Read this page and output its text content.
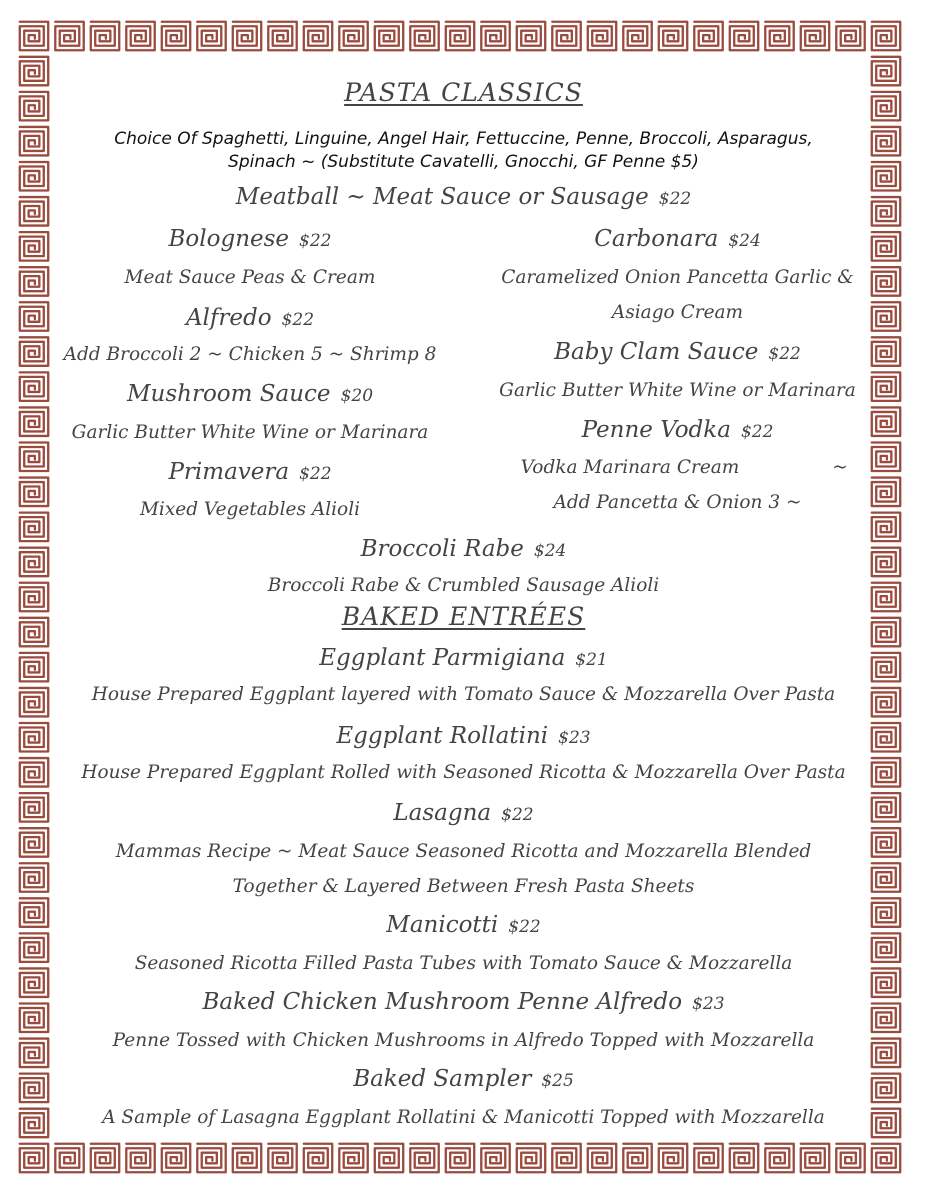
PASTA CLASSICS
Choice Of Spaghetti, Linguine, Angel Hair, Fettuccine, Penne, Broccoli, Asparagus,
Spinach ~ (Substitute Cavatelli, Gnocchi, GF Penne $5)
Meatball ~ Meat Sauce or Sausage $22
Bolognese $22
Meat Sauce Peas & Cream
Alfredo $22
Add Broccoli 2 ~ Chicken 5 ~ Shrimp 8
Mushroom Sauce $20
Garlic Butter White Wine or Marinara
Primavera $22
Mixed Vegetables Alioli
Carbonara $24
Caramelized Onion Pancetta Garlic &
Asiago Cream
Baby Clam Sauce $22
Garlic Butter White Wine or Marinara
Penne Vodka $22
Vodka Marinara Cream	~
Add Pancetta & Onion 3 ~
Broccoli Rabe $24
Broccoli Rabe & Crumbled Sausage Alioli
BAKED ENTRÉES
Eggplant Parmigiana $21
House Prepared Eggplant layered with Tomato Sauce & Mozzarella Over Pasta
Eggplant Rollatini $23
House Prepared Eggplant Rolled with Seasoned Ricotta & Mozzarella Over Pasta
Lasagna $22
Mammas Recipe ~ Meat Sauce Seasoned Ricotta and Mozzarella Blended
Together & Layered Between Fresh Pasta Sheets
Manicotti $22
Seasoned Ricotta Filled Pasta Tubes with Tomato Sauce & Mozzarella
Baked Chicken Mushroom Penne Alfredo $23
Penne Tossed with Chicken Mushrooms in Alfredo Topped with Mozzarella
Baked Sampler $25
A Sample of Lasagna Eggplant Rollatini & Manicotti Topped with Mozzarella
